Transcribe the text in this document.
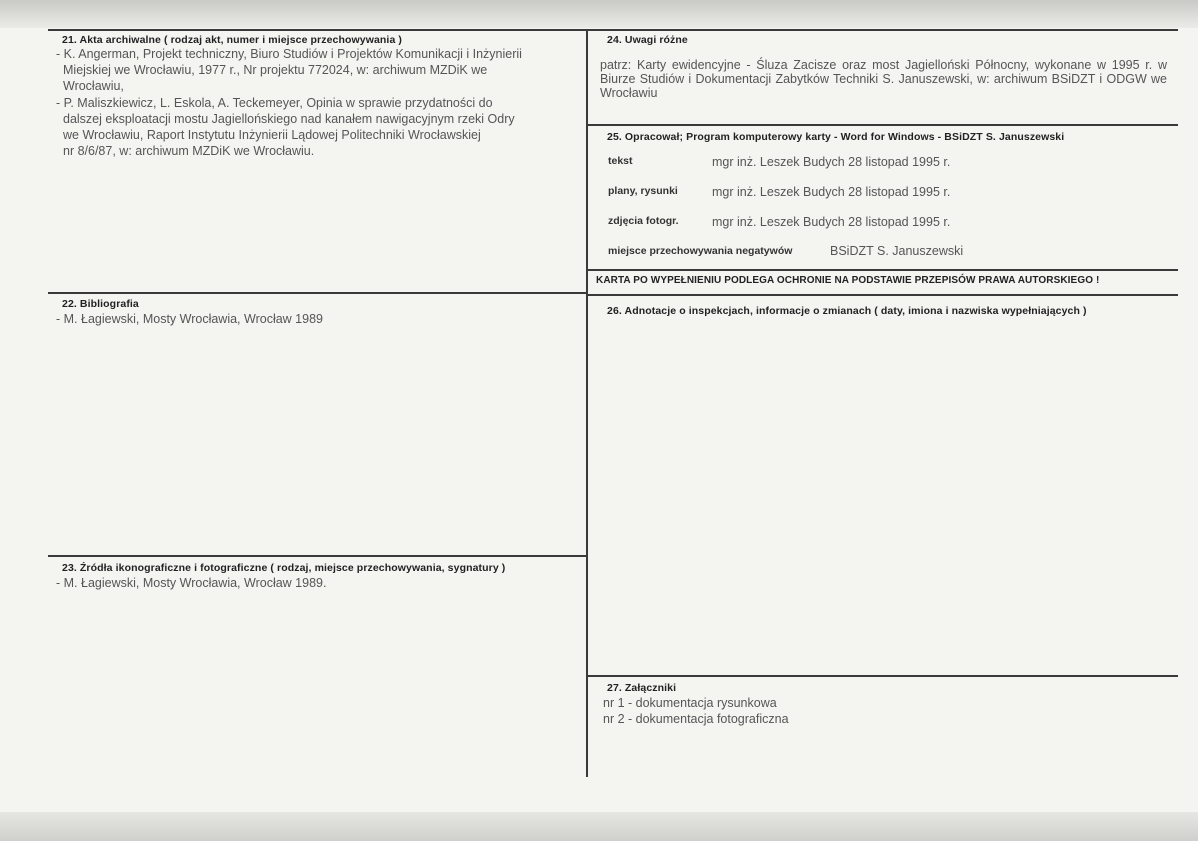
21. Akta archiwalne ( rodzaj akt, numer i miejsce przechowywania )
- K. Angerman, Projekt techniczny, Biuro Studiów i Projektów Komunikacji i Inżynierii
Miejskiej we Wrocławiu, 1977 r., Nr projektu 772024, w: archiwum MZDiK we
Wrocławiu,
- P. Maliszkiewicz, L. Eskola, A. Teckemeyer, Opinia w sprawie przydatności do
dalszej eksploatacji mostu Jagiellońskiego nad kanałem nawigacyjnym rzeki Odry
we Wrocławiu, Raport Instytutu Inżynierii Lądowej Politechniki Wrocławskiej
nr 8/6/87, w: archiwum MZDiK we Wrocławiu.
22. Bibliografia
- M. Łagiewski, Mosty Wrocławia, Wrocław 1989
23. Źródła ikonograficzne i fotograficzne ( rodzaj, miejsce przechowywania, sygnatury )
- M. Łagiewski, Mosty Wrocławia, Wrocław 1989.
24. Uwagi różne
patrz: Karty ewidencyjne - Śluza Zacisze oraz most Jagielloński Północny, wykonane w 1995 r. w Biurze Studiów i Dokumentacji Zabytków Techniki S. Januszewski, w: archiwum BSiDZT i ODGW we Wrocławiu
25. Opracował; Program komputerowy karty - Word for Windows - BSiDZT S. Januszewski
tekst	mgr inż. Leszek Budych 28 listopad 1995 r.
plany, rysunki	mgr inż. Leszek Budych 28 listopad 1995 r.
zdjęcia fotogr.	mgr inż. Leszek Budych 28 listopad 1995 r.
miejsce przechowywania negatywów	BSiDZT S. Januszewski
KARTA PO WYPEŁNIENIU PODLEGA OCHRONIE NA PODSTAWIE PRZEPISÓW PRAWA AUTORSKIEGO !
26. Adnotacje o inspekcjach, informacje o zmianach ( daty, imiona i nazwiska wypełniających )
27. Załączniki
nr 1 - dokumentacja rysunkowa
nr 2 - dokumentacja fotograficzna
